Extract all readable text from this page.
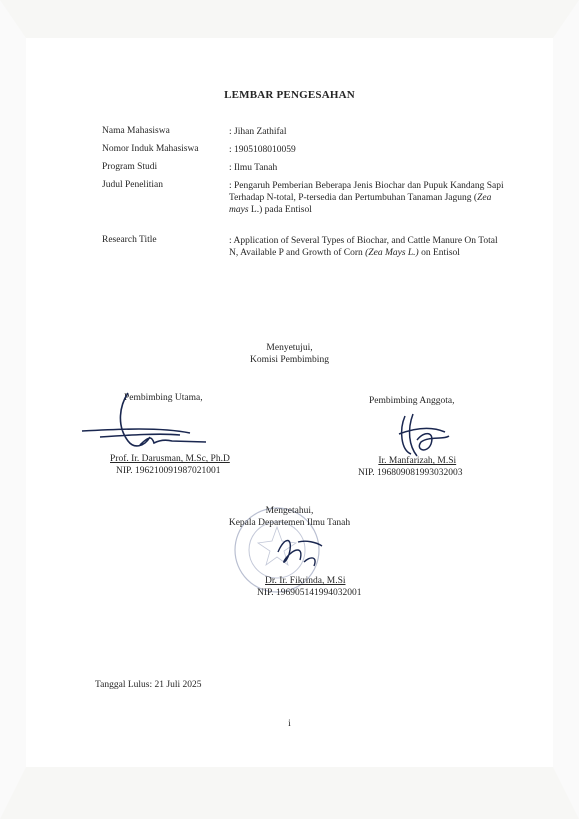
LEMBAR PENGESAHAN
Nama Mahasiswa	: Jihan Zathifal
Nomor Induk Mahasiswa	: 1905108010059
Program Studi	: Ilmu Tanah
Judul Penelitian	: Pengaruh Pemberian Beberapa Jenis Biochar dan Pupuk Kandang Sapi Terhadap N-total, P-tersedia dan Pertumbuhan Tanaman Jagung (Zea mays L.) pada Entisol
Research Title	: Application of Several Types of Biochar, and Cattle Manure On Total N, Available P and Growth of Corn (Zea Mays L.) on Entisol
Menyetujui,
Komisi Pembimbing
Pembimbing Utama,
Prof. Ir. Darusman, M.Sc, Ph.D
NIP. 196210091987021001
Pembimbing Anggota,
Ir. Manfarizah, M.Si
NIP. 196809081993032003
Mengetahui,
Kepala Departemen Ilmu Tanah
Dr. Ir. Fikrinda, M.Si
NIP. 196905141994032001
Tanggal Lulus: 21 Juli 2025
i
